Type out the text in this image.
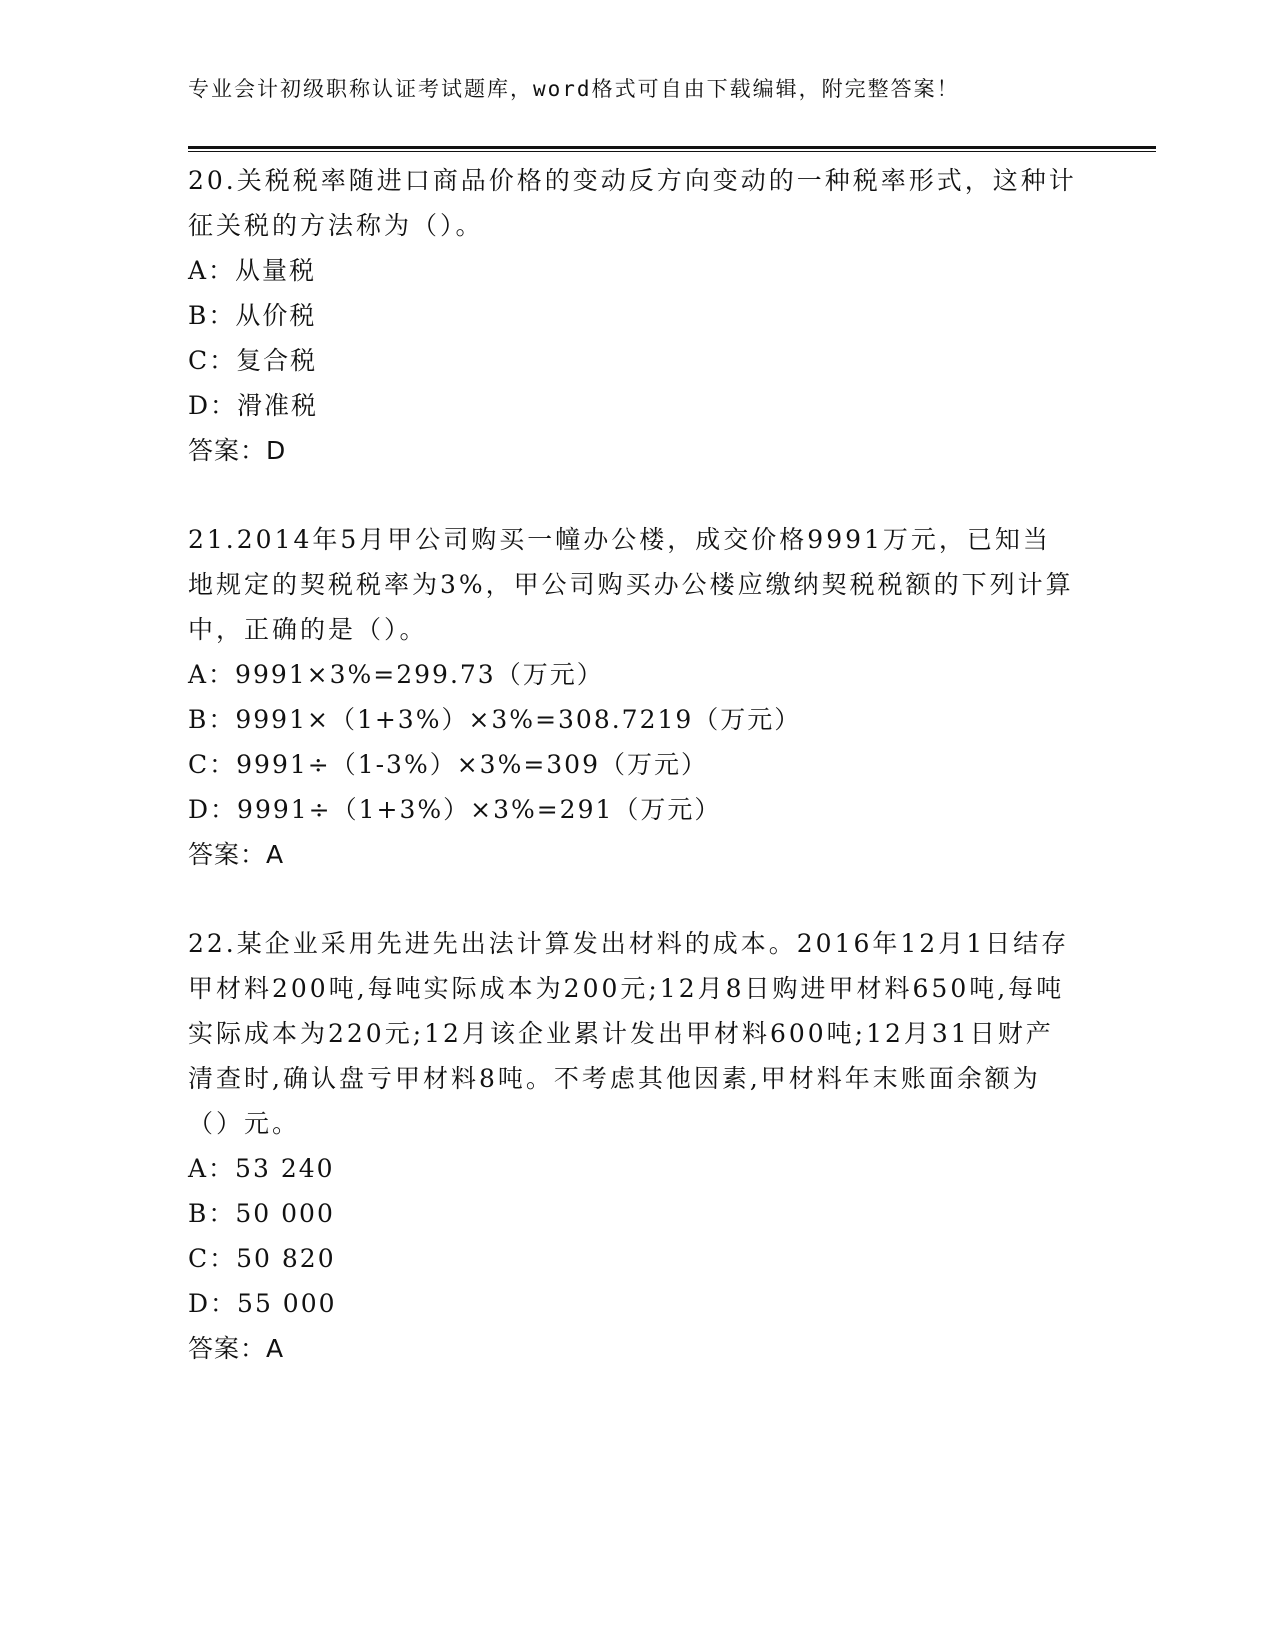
专业会计初级职称认证考试题库，word格式可自由下载编辑，附完整答案！

20.关税税率随进口商品价格的变动反方向变动的一种税率形式，这种计征关税的方法称为（）。

A：从量税

B：从价税

C：复合税

D：滑准税

答案：D

21.2014年5月甲公司购买一幢办公楼，成交价格9991万元，已知当地规定的契税税率为3%，甲公司购买办公楼应缴纳契税税额的下列计算中，正确的是（）。

A：9991×3%=299.73（万元）

B：9991×（1+3%）×3%=308.7219（万元）

C：9991÷（1-3%）×3%=309（万元）

D：9991÷（1+3%）×3%=291（万元）

答案：A

22.某企业采用先进先出法计算发出材料的成本。2016年12月1日结存甲材料200吨,每吨实际成本为200元;12月8日购进甲材料650吨,每吨实际成本为220元;12月该企业累计发出甲材料600吨;12月31日财产清查时,确认盘亏甲材料8吨。不考虑其他因素,甲材料年末账面余额为（）元。

A：53 240

B：50 000

C：50 820

D：55 000

答案：A
